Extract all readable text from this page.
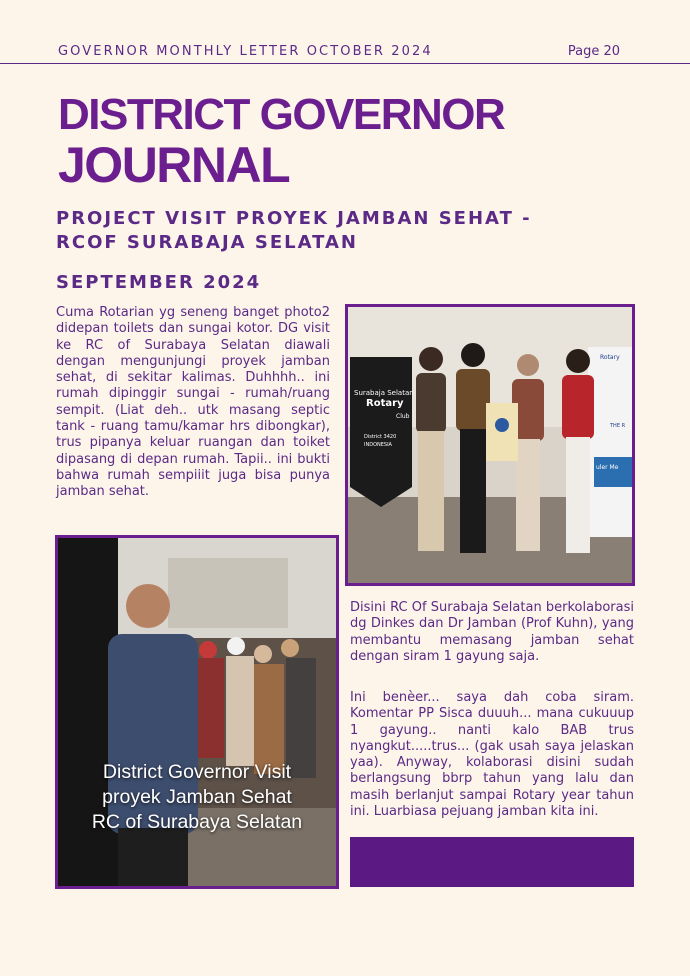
GOVERNOR MONTHLY LETTER OCTOBER 2024	Page 20
DISTRICT GOVERNOR
JOURNAL
PROJECT VISIT PROYEK JAMBAN SEHAT - RCOF SURABAJA SELATAN
SEPTEMBER 2024

Cuma Rotarian yg seneng banget photo2 didepan toilets dan sungai kotor. DG visit ke RC of Surabaya Selatan diawali dengan mengunjungi proyek jamban sehat, di sekitar kalimas. Duhhhh.. ini rumah dipinggir sungai - rumah/ruang sempit. (Liat deh.. utk masang septic tank - ruang tamu/kamar hrs dibongkar), trus pipanya keluar ruangan dan toiket dipasang di depan rumah. Tapii.. ini bukti bahwa rumah sempiiit juga bisa punya jamban sehat.

Surabaja Selatan
Rotary
Club
District 3420
INDONESIA
Rotary
THE R
uler Me

Disini RC Of Surabaja Selatan berkolaborasi dg Dinkes dan Dr Jamban (Prof Kuhn), yang membantu memasang jamban sehat dengan siram 1 gayung saja.

Ini benèer... saya dah coba siram. Komentar PP Sisca duuuh... mana cukuuup 1 gayung.. nanti kalo BAB trus nyangkut.....trus... (gak usah saya jelaskan yaa). Anyway, kolaborasi disini sudah berlangsung bbrp tahun yang lalu dan masih berlanjut sampai Rotary year tahun ini. Luarbiasa pejuang jamban kita ini.

District Governor Visit
proyek Jamban Sehat
RC of Surabaya Selatan
